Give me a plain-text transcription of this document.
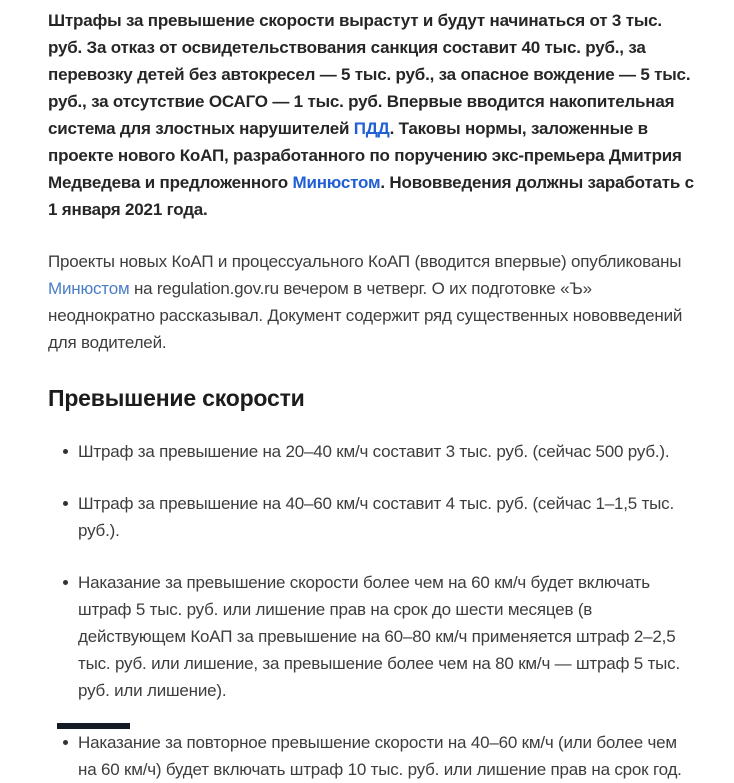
Штрафы за превышение скорости вырастут и будут начинаться от 3 тыс. руб. За отказ от освидетельствования санкция составит 40 тыс. руб., за перевозку детей без автокресел — 5 тыс. руб., за опасное вождение — 5 тыс. руб., за отсутствие ОСАГО — 1 тыс. руб. Впервые вводится накопительная система для злостных нарушителей ПДД. Таковы нормы, заложенные в проекте нового КоАП, разработанного по поручению экс-премьера Дмитрия Медведева и предложенного Минюстом. Нововведения должны заработать с 1 января 2021 года.

Проекты новых КоАП и процессуального КоАП (вводится впервые) опубликованы Минюстом на regulation.gov.ru вечером в четверг. О их подготовке «Ъ» неоднократно рассказывал. Документ содержит ряд существенных нововведений для водителей.

Превышение скорости
Штраф за превышение на 20–40 км/ч составит 3 тыс. руб. (сейчас 500 руб.).
Штраф за превышение на 40–60 км/ч составит 4 тыс. руб. (сейчас 1–1,5 тыс. руб.).
Наказание за превышение скорости более чем на 60 км/ч будет включать штраф 5 тыс. руб. или лишение прав на срок до шести месяцев (в действующем КоАП за превышение на 60–80 км/ч применяется штраф 2–2,5 тыс. руб. или лишение, за превышение более чем на 80 км/ч — штраф 5 тыс. руб. или лишение).
Наказание за повторное превышение скорости на 40–60 км/ч (или более чем на 60 км/ч) будет включать штраф 10 тыс. руб. или лишение прав на срок год.
